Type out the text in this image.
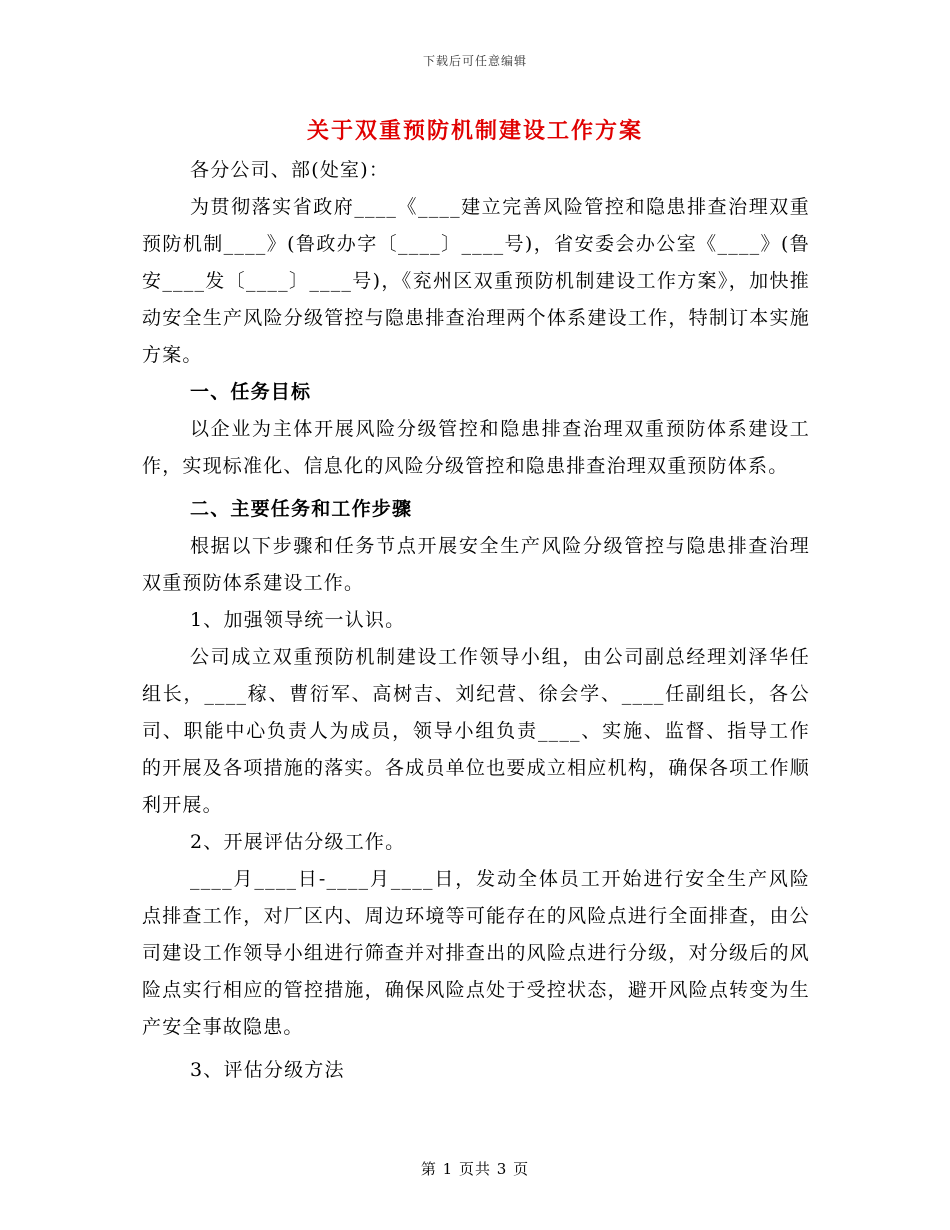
下载后可任意编辑
关于双重预防机制建设工作方案

各分公司、部(处室)：

为贯彻落实省政府____《____建立完善风险管控和隐患排查治理双重预防机制____》(鲁政办字〔____〕____号)，省安委会办公室《____》(鲁安____发〔____〕____号)，《兖州区双重预防机制建设工作方案》，加快推动安全生产风险分级管控与隐患排查治理两个体系建设工作，特制订本实施方案。

一、任务目标

以企业为主体开展风险分级管控和隐患排查治理双重预防体系建设工作，实现标准化、信息化的风险分级管控和隐患排查治理双重预防体系。

二、主要任务和工作步骤

根据以下步骤和任务节点开展安全生产风险分级管控与隐患排查治理双重预防体系建设工作。

1、加强领导统一认识。

公司成立双重预防机制建设工作领导小组，由公司副总经理刘泽华任组长，____稼、曹衍军、高树吉、刘纪营、徐会学、____任副组长，各公司、职能中心负责人为成员，领导小组负责____、实施、监督、指导工作的开展及各项措施的落实。各成员单位也要成立相应机构，确保各项工作顺利开展。

2、开展评估分级工作。

____月____日-____月____日，发动全体员工开始进行安全生产风险点排查工作，对厂区内、周边环境等可能存在的风险点进行全面排查，由公司建设工作领导小组进行筛查并对排查出的风险点进行分级，对分级后的风险点实行相应的管控措施，确保风险点处于受控状态，避开风险点转变为生产安全事故隐患。

3、评估分级方法

第 1 页共 3 页
